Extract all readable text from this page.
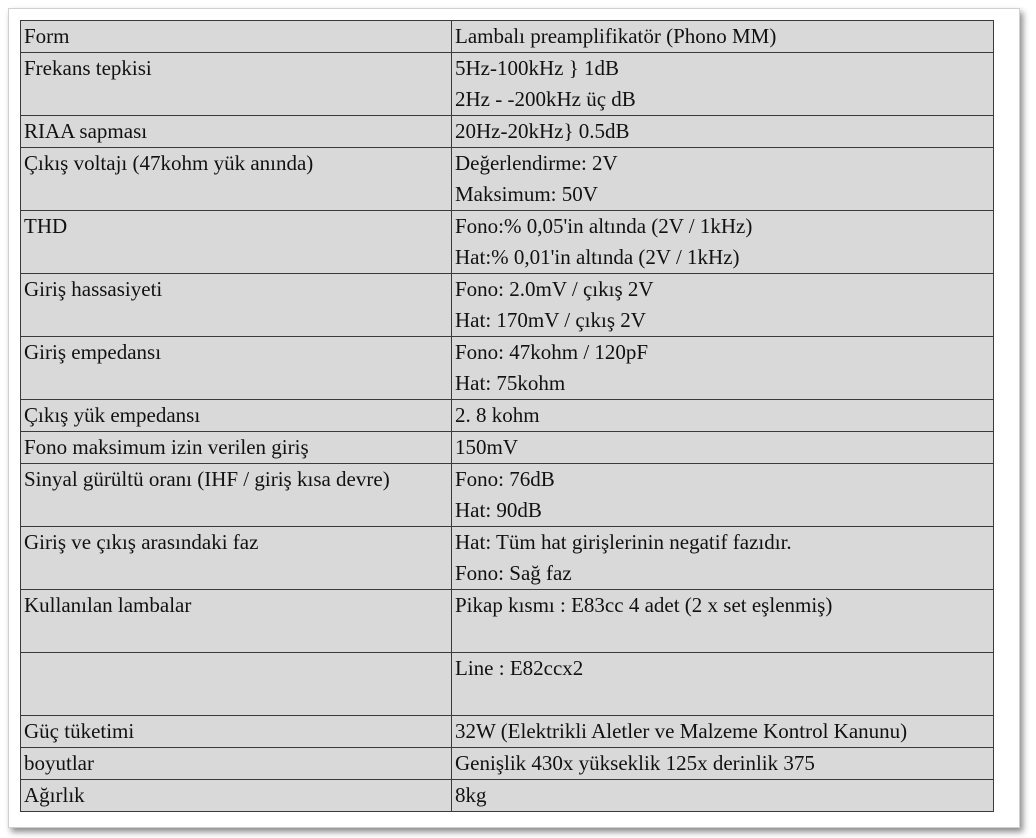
Form	Lambalı preamplifikatör (Phono MM)

Frekans tepkisi	5Hz-100kHz } 1dB
2Hz - -200kHz üç dB

RIAA sapması	20Hz-20kHz} 0.5dB

Çıkış voltajı (47kohm yük anında)	Değerlendirme: 2V
Maksimum: 50V

THD	Fono:% 0,05'in altında (2V / 1kHz)
Hat:% 0,01'in altında (2V / 1kHz)

Giriş hassasiyeti	Fono: 2.0mV / çıkış 2V
Hat: 170mV / çıkış 2V

Giriş empedansı	Fono: 47kohm / 120pF
Hat: 75kohm

Çıkış yük empedansı	2. 8 kohm

Fono maksimum izin verilen giriş	150mV

Sinyal gürültü oranı (IHF / giriş kısa devre)	Fono: 76dB
Hat: 90dB

Giriş ve çıkış arasındaki faz	Hat: Tüm hat girişlerinin negatif fazıdır.
Fono: Sağ faz

Kullanılan lambalar	Pikap kısmı : E83cc 4 adet (2 x set eşlenmiş)

	Line : E82ccx2

Güç tüketimi	32W (Elektrikli Aletler ve Malzeme Kontrol Kanunu)

boyutlar	Genişlik 430x yükseklik 125x derinlik 375

Ağırlık	8kg
